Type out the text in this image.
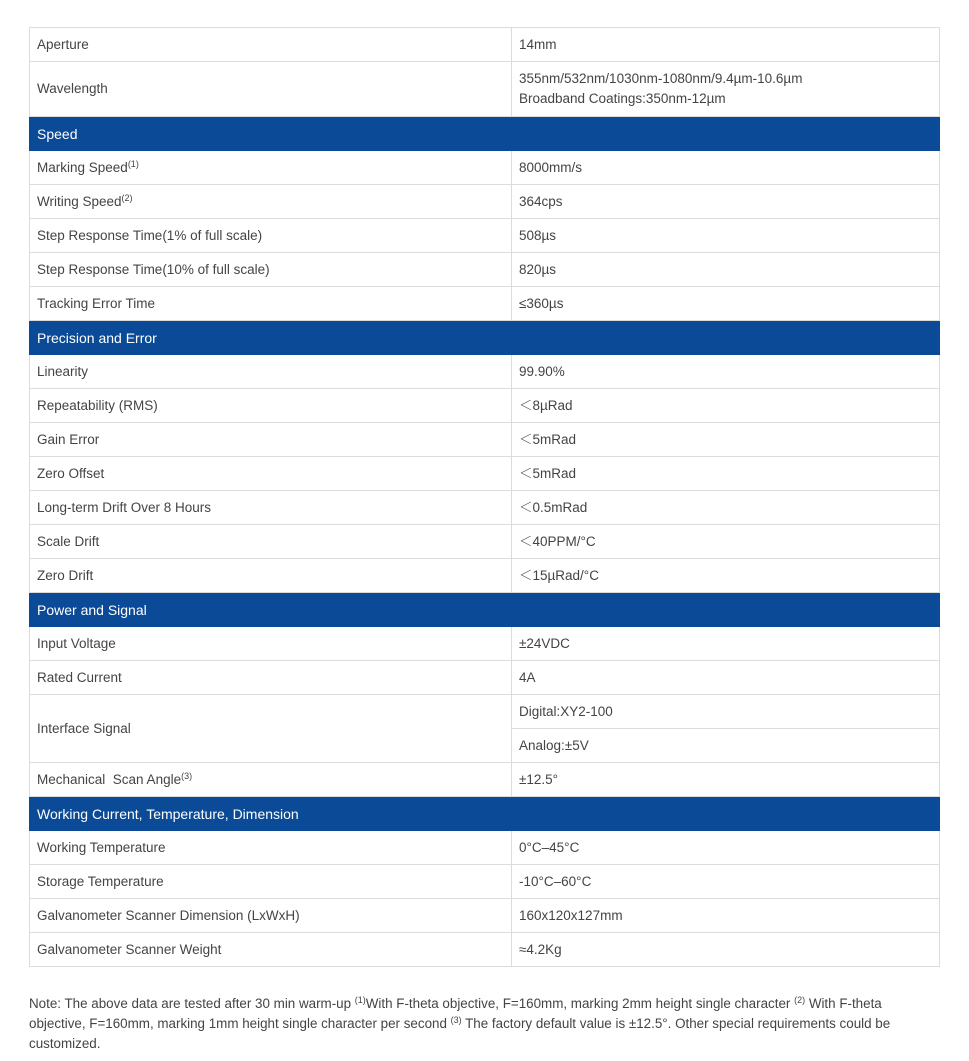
Aperture	14mm
Wavelength	355nm/532nm/1030nm-1080nm/9.4µm-10.6µm
Broadband Coatings:350nm-12µm

Speed	
Marking Speed$^{(1)}$	8000mm/s
Writing Speed$^{(2)}$	364cps
Step Response Time(1% of full scale)	508µs
Step Response Time(10% of full scale)	820µs
Tracking Error Time	≤360µs
Precision and Error	
Linearity	99.90%
Repeatability (RMS)	＜8µRad
Gain Error	＜5mRad
Zero Offset	＜5mRad
Long-term Drift Over 8 Hours	＜0.5mRad
Scale Drift	＜40PPM/°C
Zero Drift	＜15µRad/°C
Power and Signal	
Input Voltage	±24VDC
Rated Current	4A
Interface Signal	Digital:XY2-100
	Analog:±5V
Mechanical  Scan Angle$^{(3)}$	±12.5°
Working Current, Temperature, Dimension	
Working Temperature	0°C–45°C
Storage Temperature	-10°C–60°C
Galvanometer Scanner Dimension (LxWxH)	160x120x127mm
Galvanometer Scanner Weight	≈4.2Kg
Note: The above data are tested after 30 min warm-up $^{(1)}$With F-theta objective, F=160mm, marking 2mm height single character $^{(2)}$ With F-theta objective, F=160mm, marking 1mm height single character per second $^{(3)}$ The factory default value is ±12.5°. Other special requirements could be customized.
